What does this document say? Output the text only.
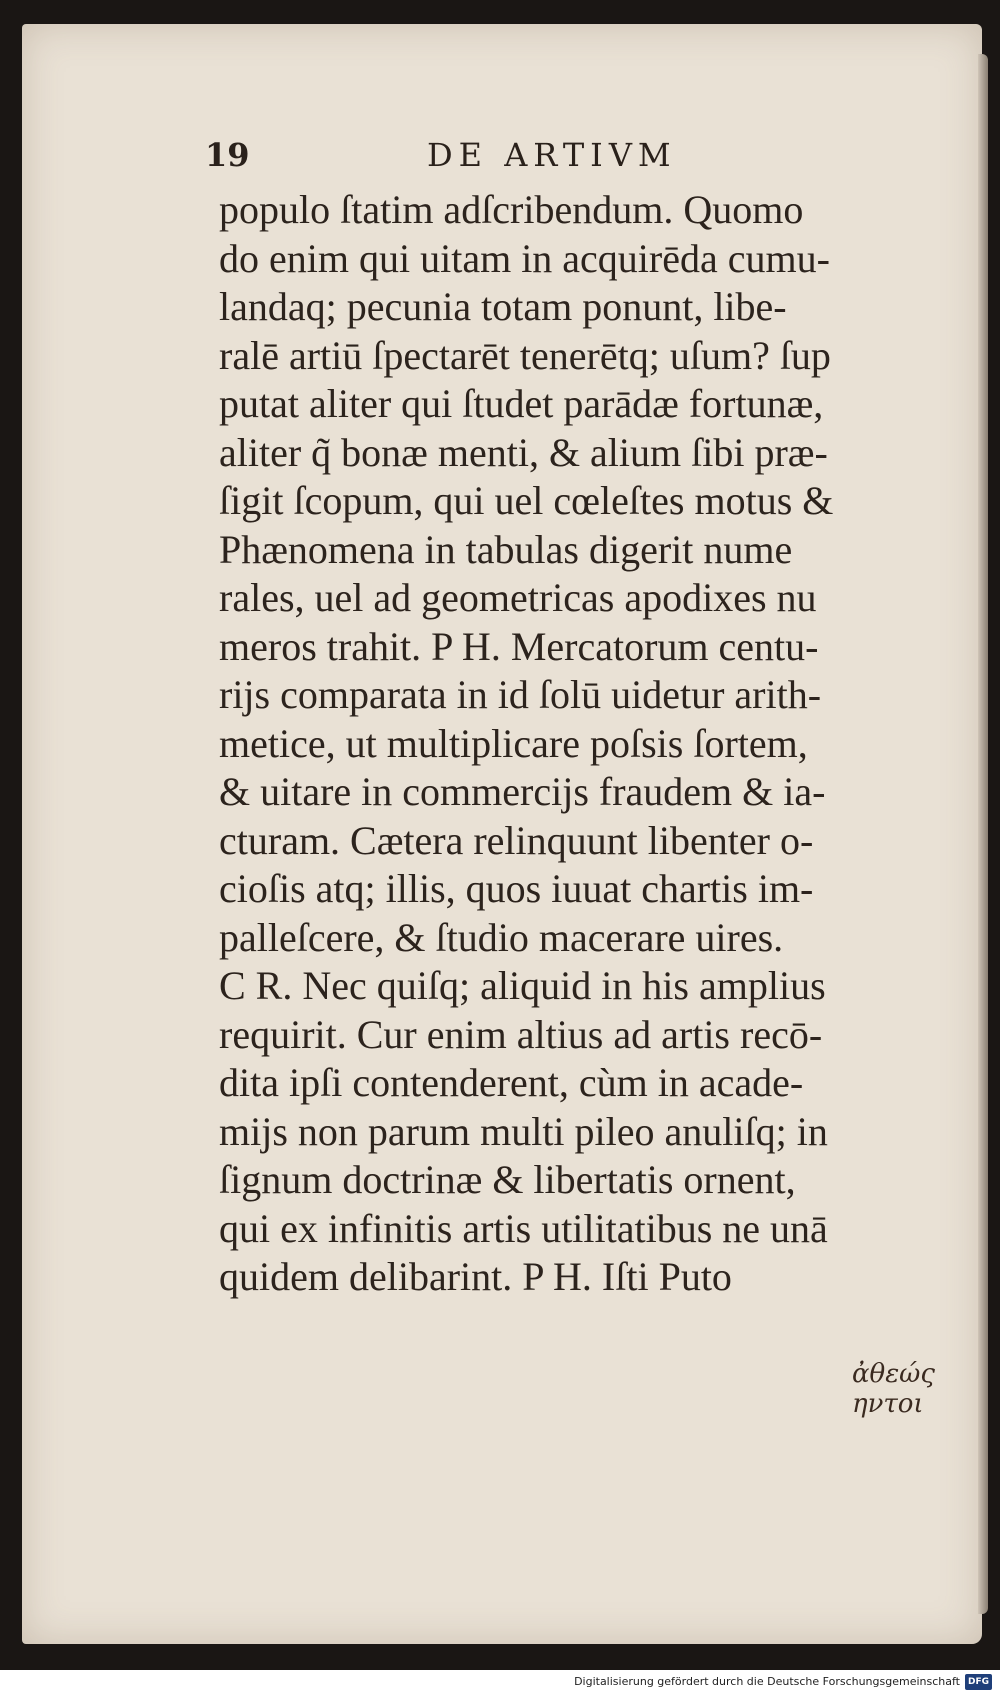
19	DE ARTIVM
populo ſtatim adſcribendum. Quomo
do enim qui uitam in acquirēda cumu-
landaq; pecunia totam ponunt, libe-
ralē artiū ſpectarēt tenerētq; uſum? ſup
putat aliter qui ſtudet parādæ fortunæ,
aliter q̃ bonæ menti, & alium ſibi præ-
ſigit ſcopum, qui uel cœleſtes motus &
Phænomena in tabulas digerit nume
rales, uel ad geometricas apodixes nu
meros trahit. P H. Mercatorum centu-
rijs comparata in id ſolū uidetur arith-
metice, ut multiplicare poſsis ſortem,
& uitare in commercijs fraudem & ia-
cturam. Cætera relinquunt libenter o-
cioſis atq; illis, quos iuuat chartis im-
palleſcere, & ſtudio macerare uires.
C R. Nec quiſq; aliquid in his amplius
requirit. Cur enim altius ad artis recō-
dita ipſi contenderent, cùm in acade-
mijs non parum multi pileo anuliſq; in
ſignum doctrinæ & libertatis ornent,
qui ex infinitis artis utilitatibus ne unā
quidem delibarint. P H. Iſti Puto
ἀθεώς ηντοι
Digitalisierung gefördert durch die Deutsche Forschungsgemeinschaft DFG
